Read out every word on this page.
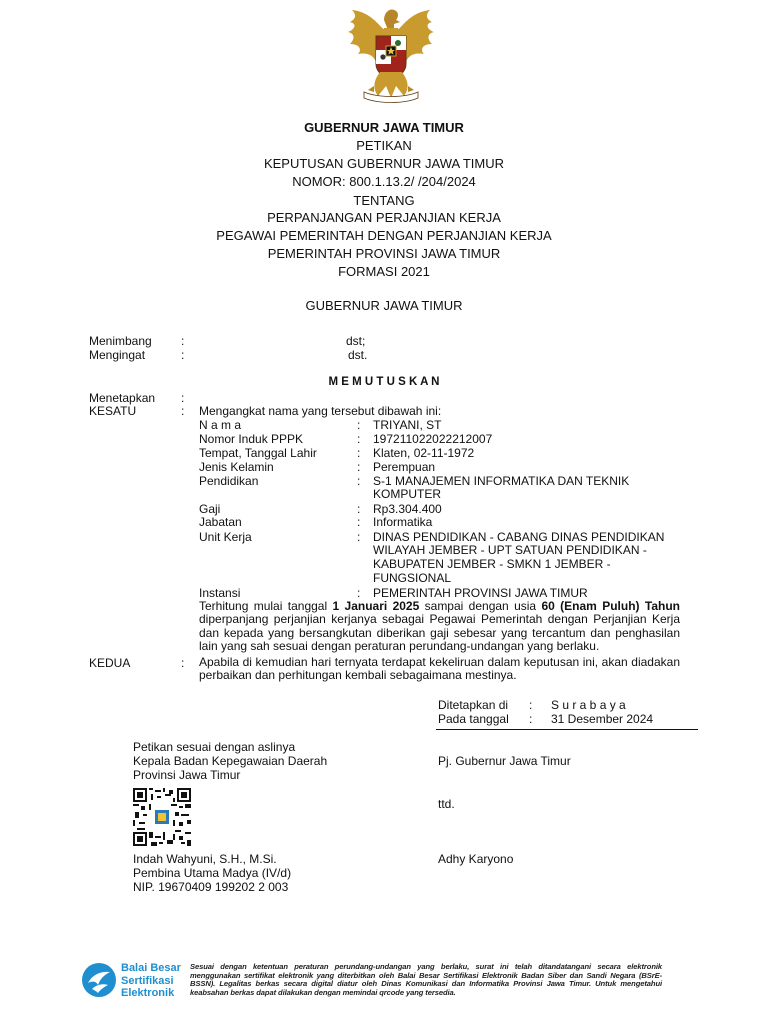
GUBERNUR JAWA TIMUR
PETIKAN
KEPUTUSAN GUBERNUR JAWA TIMUR
NOMOR: 800.1.13.2/ /204/2024
TENTANG
PERPANJANGAN PERJANJIAN KERJA
PEGAWAI PEMERINTAH DENGAN PERJANJIAN KERJA
PEMERINTAH PROVINSI JAWA TIMUR
FORMASI 2021
GUBERNUR JAWA TIMUR
Menimbang :	dst;
Mengingat	:	dst.
M E M U T U S K A N
Menetapkan :
KESATU	: Mengangkat nama yang tersebut dibawah ini:
N a m a	: TRIYANI, ST
Nomor Induk PPPK	: 197211022022212007
Tempat, Tanggal Lahir	: Klaten, 02-11-1972
Jenis Kelamin	: Perempuan
Pendidikan	: S-1 MANAJEMEN INFORMATIKA DAN TEKNIK
KOMPUTER
Gaji	: Rp3.304.400
Jabatan	: Informatika
Unit Kerja	: DINAS PENDIDIKAN - CABANG DINAS PENDIDIKAN
WILAYAH JEMBER - UPT SATUAN PENDIDIKAN -
KABUPATEN JEMBER - SMKN 1 JEMBER -
FUNGSIONAL
Instansi	: PEMERINTAH PROVINSI JAWA TIMUR
Terhitung mulai tanggal 1 Januari 2025 sampai dengan usia 60 (Enam Puluh) Tahun diperpanjang perjanjian kerjanya sebagai Pegawai Pemerintah dengan Perjanjian Kerja dan kepada yang bersangkutan diberikan gaji sebesar yang tercantum dan penghasilan lain yang sah sesuai dengan peraturan perundang-undangan yang berlaku.
KEDUA	: Apabila di kemudian hari ternyata terdapat kekeliruan dalam keputusan ini, akan diadakan perbaikan dan perhitungan kembali sebagaimana mestinya.
Ditetapkan di : S u r a b a y a
Pada tanggal : 31 Desember 2024
Petikan sesuai dengan aslinya
Kepala Badan Kepegawaian Daerah
Provinsi Jawa Timur
Indah Wahyuni, S.H., M.Si.
Pembina Utama Madya (IV/d)
NIP. 19670409 199202 2 003
Pj. Gubernur Jawa Timur
ttd.
Adhy Karyono
Balai Besar
Sertifikasi
Elektronik
Sesuai dengan ketentuan peraturan perundang-undangan yang berlaku, surat ini telah ditandatangani secara elektronik menggunakan sertifikat elektronik yang diterbitkan oleh Balai Besar Sertifikasi Elektronik Badan Siber dan Sandi Negara (BSrE-BSSN). Legalitas berkas secara digital diatur oleh Dinas Komunikasi dan Informatika Provinsi Jawa Timur. Untuk mengetahui keabsahan berkas dapat dilakukan dengan memindai qrcode yang tersedia.
